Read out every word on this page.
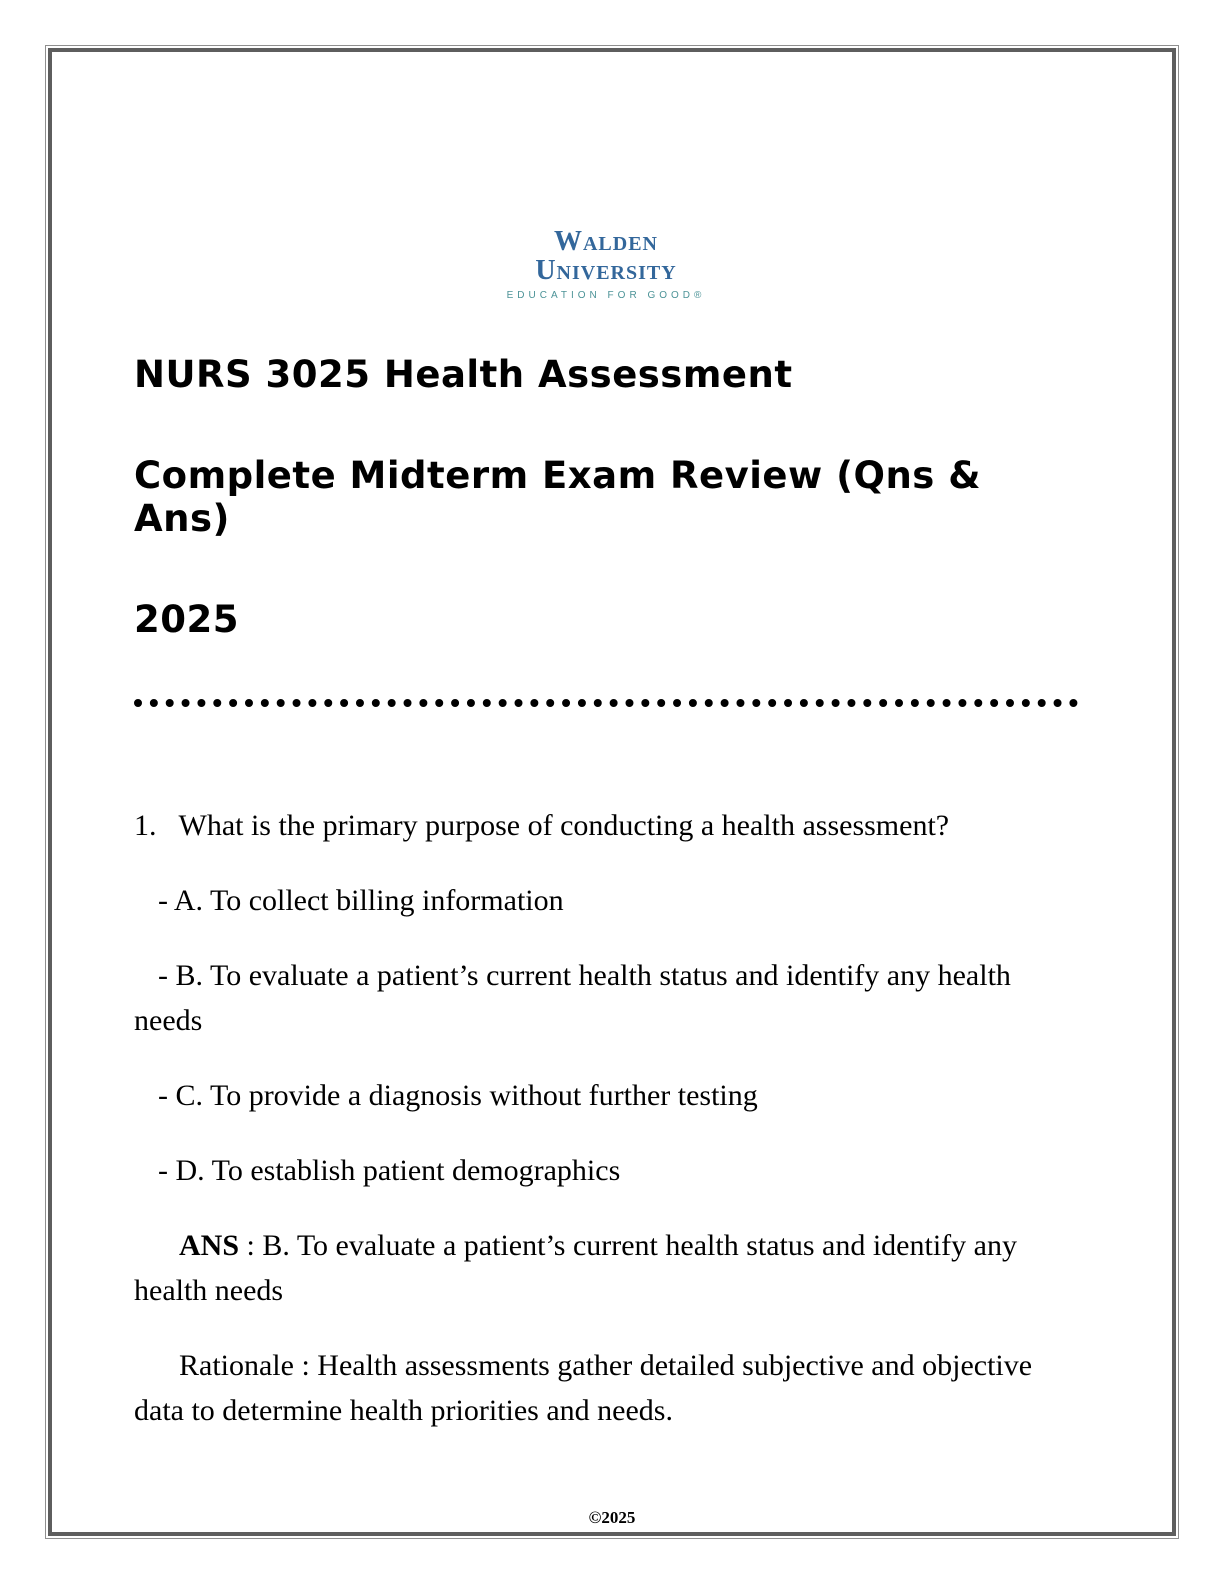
Walden
University
EDUCATION FOR GOOD®
NURS 3025 Health Assessment
Complete Midterm Exam Review (Qns & Ans)
2025

1. What is the primary purpose of conducting a health assessment?

- A. To collect billing information

- B. To evaluate a patient’s current health status and identify any health needs

- C. To provide a diagnosis without further testing

- D. To establish patient demographics

ANS : B. To evaluate a patient’s current health status and identify any health needs

Rationale : Health assessments gather detailed subjective and objective data to determine health priorities and needs.

©2025
